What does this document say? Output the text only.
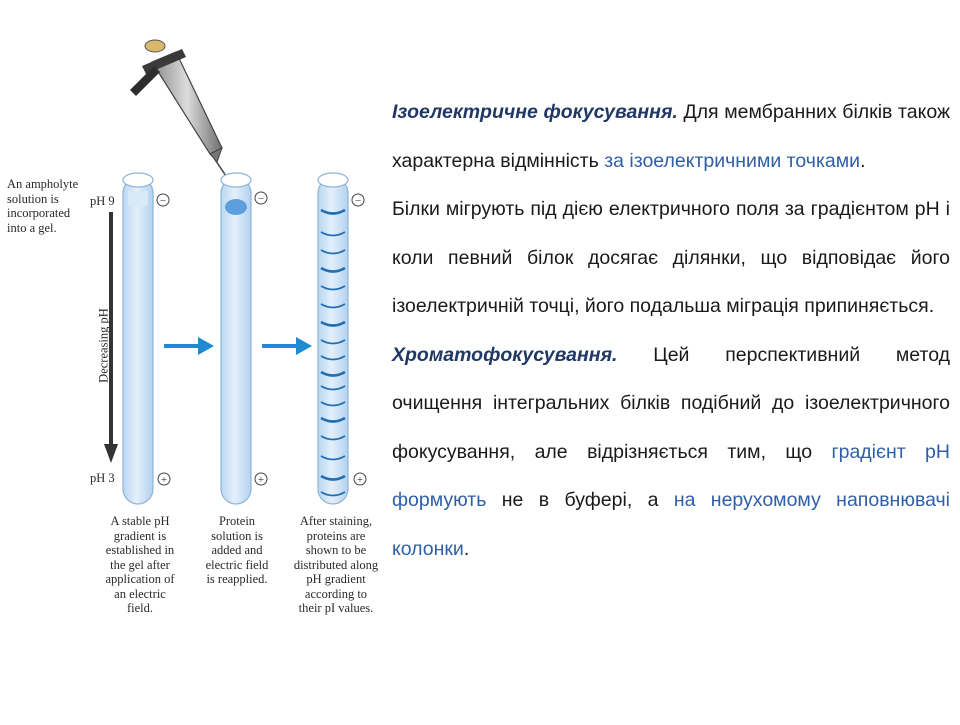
−	−	−
+	+	+
An ampholyte
solution is
incorporated
into a gel.
pH 9
pH 3
Decreasing pH
A stable pH
gradient is
established in
the gel after
application of
an electric
field.
Protein
solution is
added and
electric field
is reapplied.
After staining,
proteins are
shown to be
distributed along
pH gradient
according to
their pI values.

Ізоелектричне фокусування. Для мембранних білків також характерна відмінність за ізоелектричними точками.

Білки мігрують під дією електричного поля за градієнтом рН і коли певний білок досягає ділянки, що відповідає його ізоелектричній точці, його подальша міграція припиняється.

Хроматофокусування. Цей перспективний метод очищення інтегральних білків подібний до ізоелектричного фокусування, але відрізняється тим, що градієнт рН формують не в буфері, а на нерухомому наповнювачі колонки.
